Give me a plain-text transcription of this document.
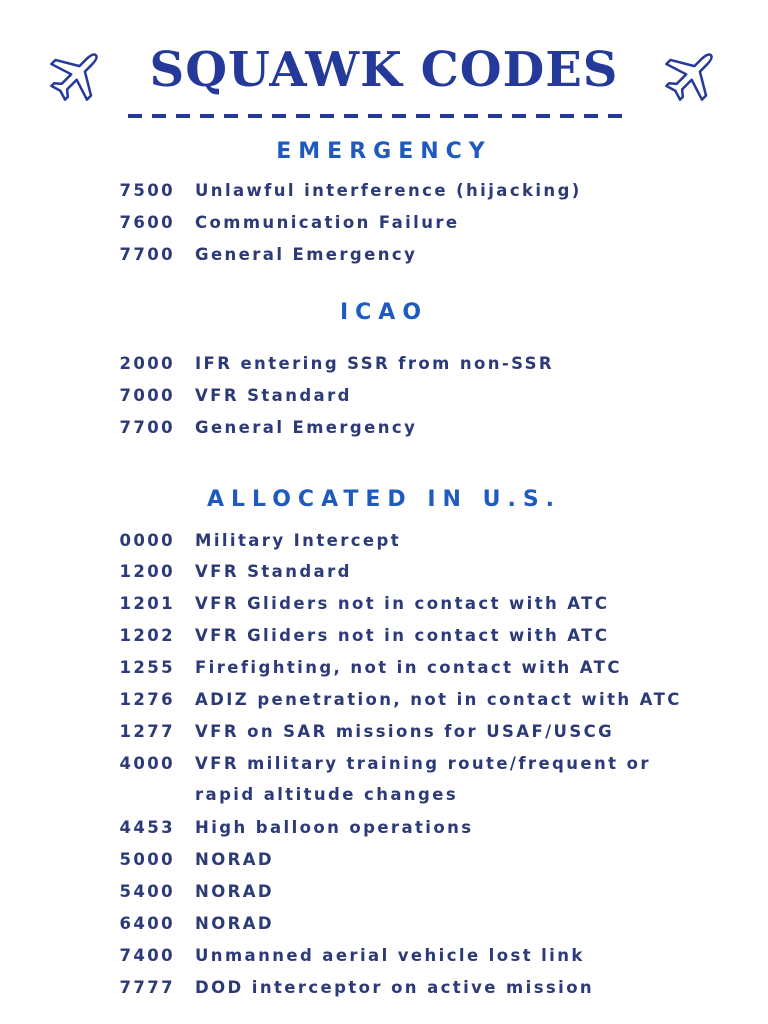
SQUAWK CODES
EMERGENCY
7500 Unlawful interference (hijacking)
7600 Communication Failure
7700 General Emergency
ICAO
2000 IFR entering SSR from non-SSR
7000 VFR Standard
7700 General Emergency
ALLOCATED IN U.S.
0000 Military Intercept
1200 VFR Standard
1201 VFR Gliders not in contact with ATC
1202 VFR Gliders not in contact with ATC
1255 Firefighting, not in contact with ATC
1276 ADIZ penetration, not in contact with ATC
1277 VFR on SAR missions for USAF/USCG
4000 VFR military training route/frequent or
rapid altitude changes
4453 High balloon operations
5000 NORAD
5400 NORAD
6400 NORAD
7400 Unmanned aerial vehicle lost link
7777 DOD interceptor on active mission
